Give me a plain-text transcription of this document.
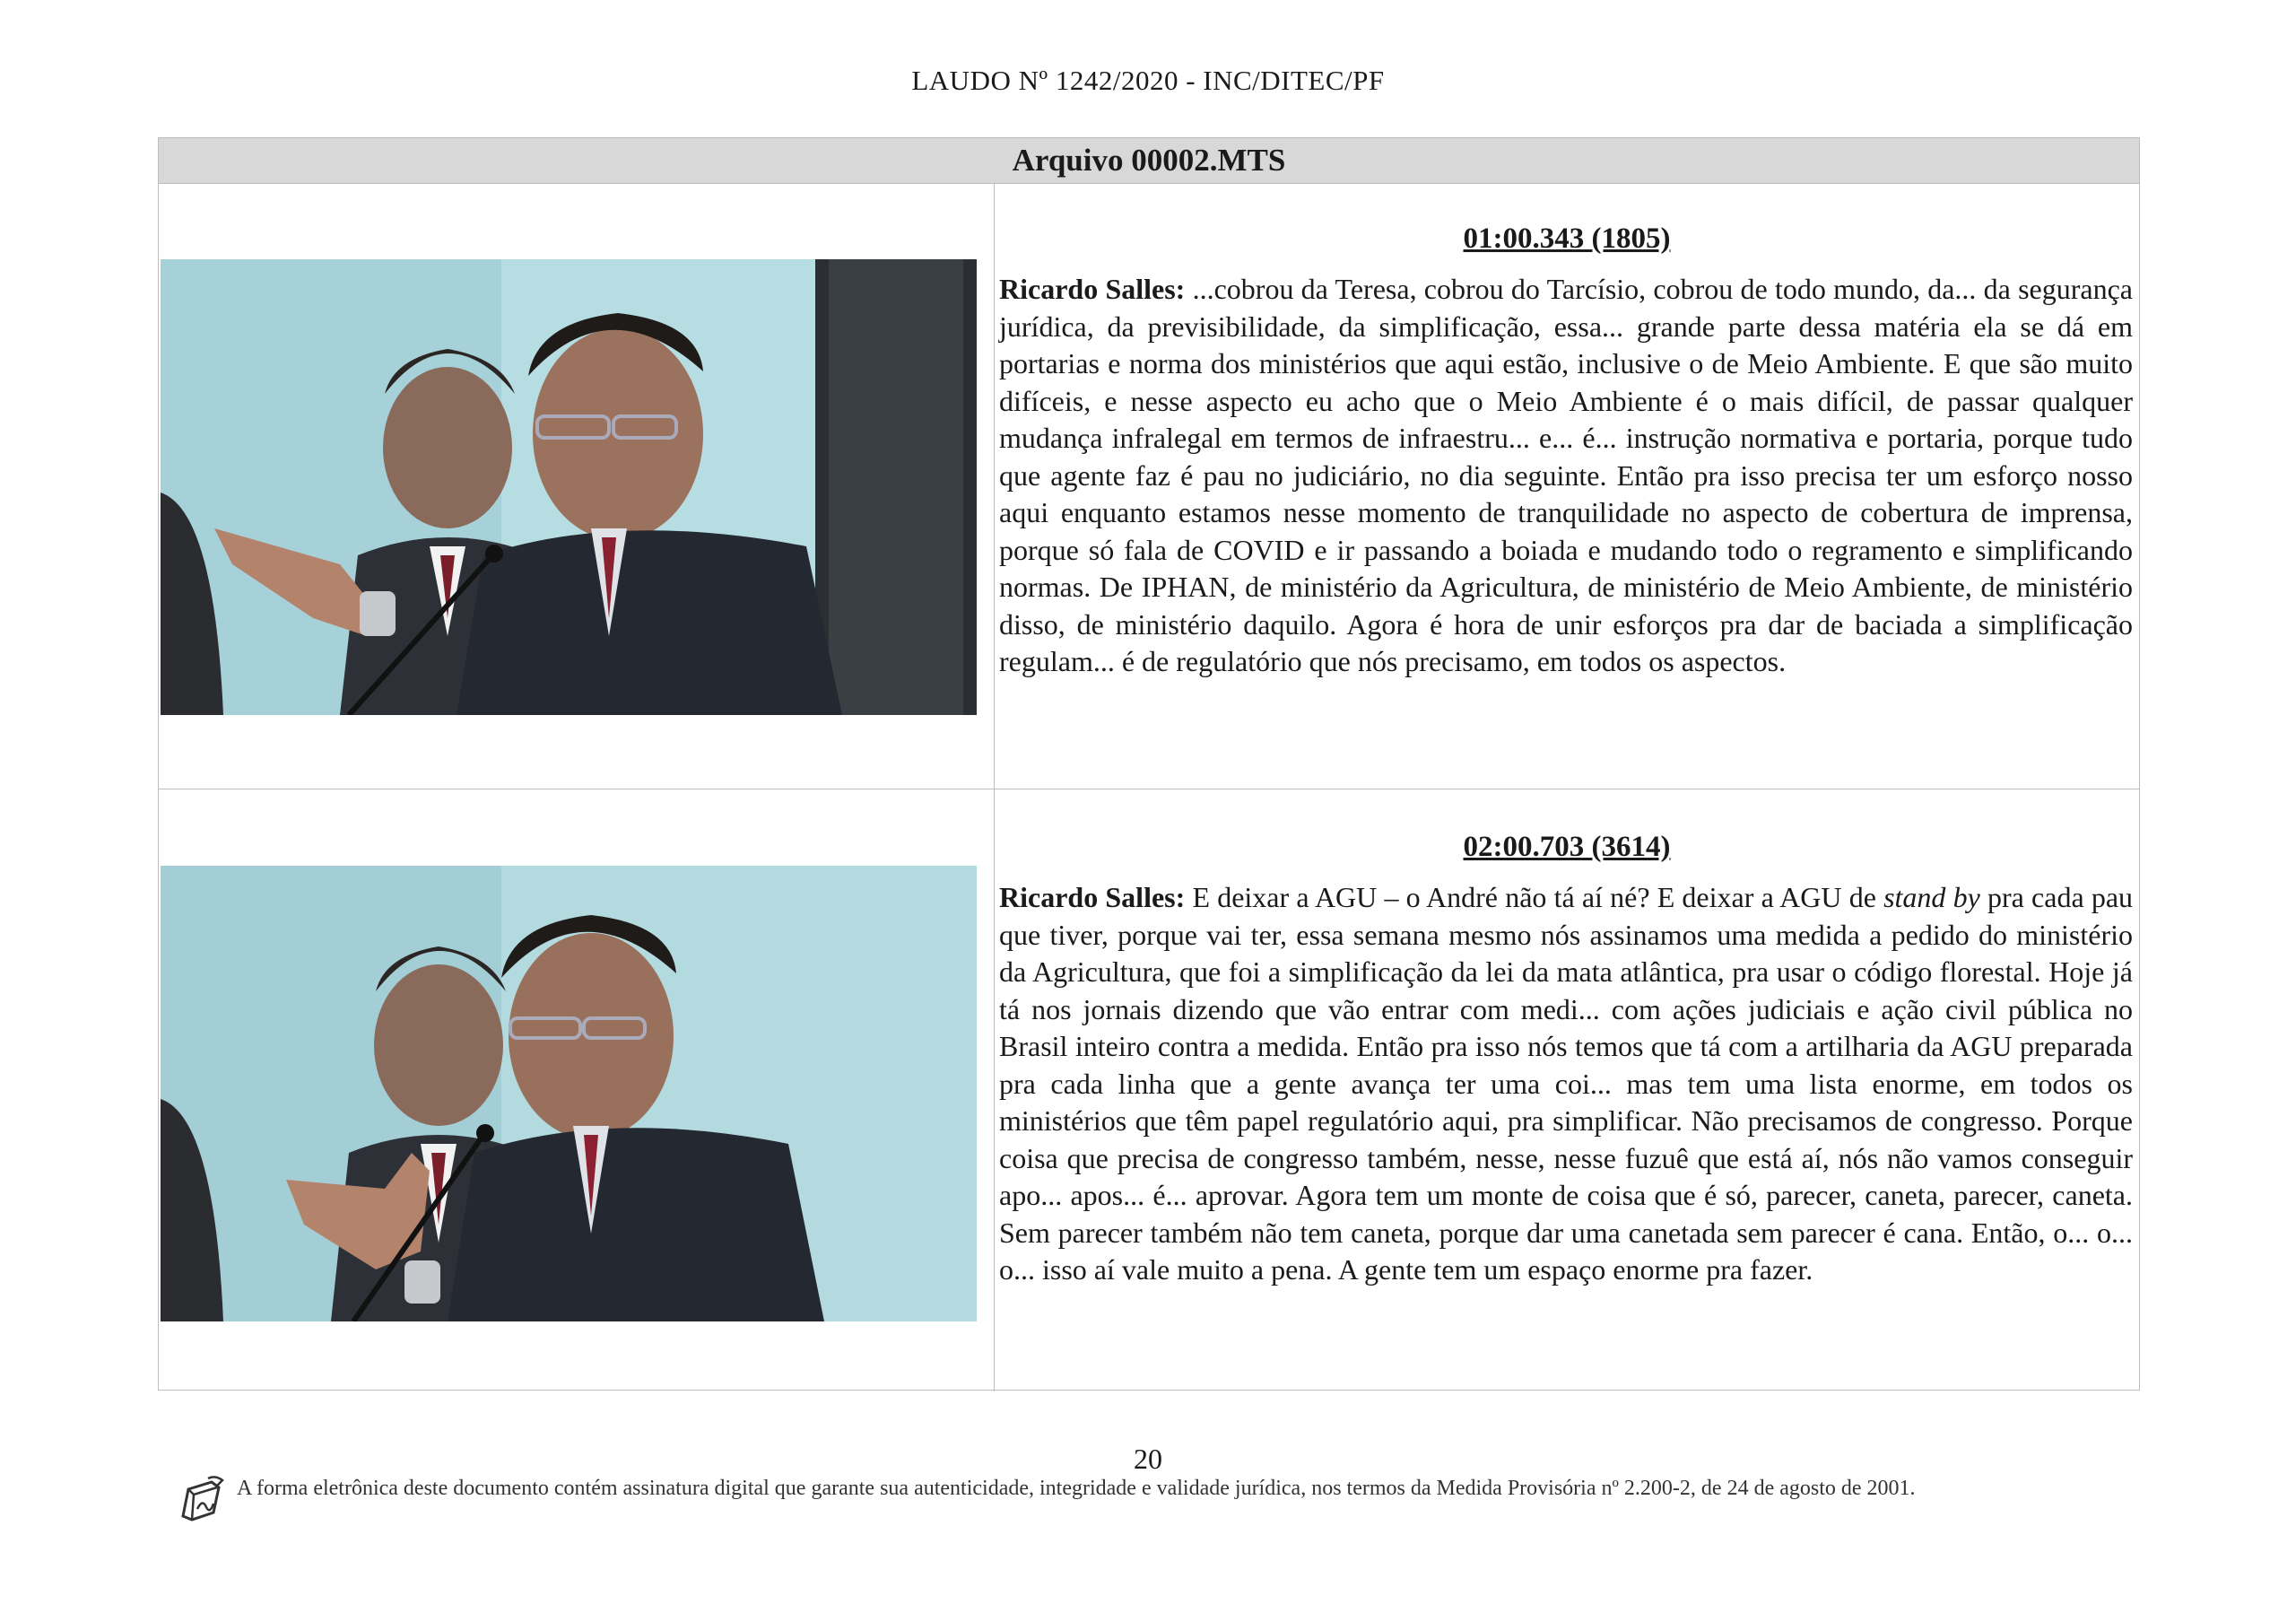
LAUDO Nº 1242/2020 - INC/DITEC/PF
Arquivo 00002.MTS
01:00.343 (1805)
Ricardo Salles: ...cobrou da Teresa, cobrou do Tarcísio, cobrou de todo mundo, da... da segurança jurídica, da previsibilidade, da simplificação, essa... grande parte dessa matéria ela se dá em portarias e norma dos ministérios que aqui estão, inclusive o de Meio Ambiente. E que são muito difíceis, e nesse aspecto eu acho que o Meio Ambiente é o mais difícil, de passar qualquer mudança infralegal em termos de infraestru... e... é... instrução normativa e portaria, porque tudo que agente faz é pau no judiciário, no dia seguinte. Então pra isso precisa ter um esforço nosso aqui enquanto estamos nesse momento de tranquilidade no aspecto de cobertura de imprensa, porque só fala de COVID e ir passando a boiada e mudando todo o regramento e simplificando normas. De IPHAN, de ministério da Agricultura, de ministério de Meio Ambiente, de ministério disso, de ministério daquilo. Agora é hora de unir esforços pra dar de baciada a simplificação regulam... é de regulatório que nós precisamo, em todos os aspectos.
02:00.703 (3614)
Ricardo Salles: E deixar a AGU – o André não tá aí né? E deixar a AGU de stand by pra cada pau que tiver, porque vai ter, essa semana mesmo nós assinamos uma medida a pedido do ministério da Agricultura, que foi a simplificação da lei da mata atlântica, pra usar o código florestal. Hoje já tá nos jornais dizendo que vão entrar com medi... com ações judiciais e ação civil pública no Brasil inteiro contra a medida. Então pra isso nós temos que tá com a artilharia da AGU preparada pra cada linha que a gente avança ter uma coi... mas tem uma lista enorme, em todos os ministérios que têm papel regulatório aqui, pra simplificar. Não precisamos de congresso. Porque coisa que precisa de congresso também, nesse, nesse fuzuê que está aí, nós não vamos conseguir apo... apos... é... aprovar. Agora tem um monte de coisa que é só, parecer, caneta, parecer, caneta. Sem parecer também não tem caneta, porque dar uma canetada sem parecer é cana. Então, o... o... o... isso aí vale muito a pena. A gente tem um espaço enorme pra fazer.
20
A forma eletrônica deste documento contém assinatura digital que garante sua autenticidade, integridade e validade jurídica, nos termos da Medida Provisória nº 2.200-2, de 24 de agosto de 2001.
